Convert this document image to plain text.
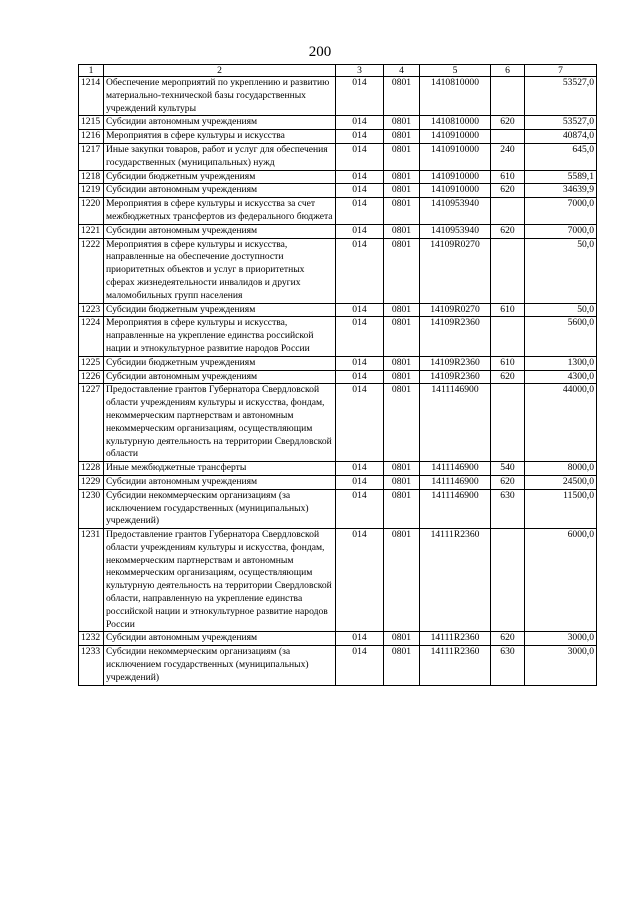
200
1	2	3	4	5	6	7
1214	Обеспечение мероприятий по укреплению и развитию материально-технической базы государственных учреждений культуры	014	0801	1410810000		53527,0
1215	Субсидии автономным учреждениям	014	0801	1410810000	620	53527,0
1216	Мероприятия в сфере культуры и искусства	014	0801	1410910000		40874,0
1217	Иные закупки товаров, работ и услуг для обеспечения государственных (муниципальных) нужд	014	0801	1410910000	240	645,0
1218	Субсидии бюджетным учреждениям	014	0801	1410910000	610	5589,1
1219	Субсидии автономным учреждениям	014	0801	1410910000	620	34639,9
1220	Мероприятия в сфере культуры и искусства за счет межбюджетных трансфертов из федерального бюджета	014	0801	1410953940		7000,0
1221	Субсидии автономным учреждениям	014	0801	1410953940	620	7000,0
1222	Мероприятия в сфере культуры и искусства, направленные на обеспечение доступности приоритетных объектов и услуг в приоритетных сферах жизнедеятельности инвалидов и других маломобильных групп населения	014	0801	14109R0270		50,0
1223	Субсидии бюджетным учреждениям	014	0801	14109R0270	610	50,0
1224	Мероприятия в сфере культуры и искусства, направленные на укрепление единства российской нации и этнокультурное развитие народов России	014	0801	14109R2360		5600,0
1225	Субсидии бюджетным учреждениям	014	0801	14109R2360	610	1300,0
1226	Субсидии автономным учреждениям	014	0801	14109R2360	620	4300,0
1227	Предоставление грантов Губернатора Свердловской области учреждениям культуры и искусства, фондам, некоммерческим партнерствам и автономным некоммерческим организациям, осуществляющим культурную деятельность на территории Свердловской области	014	0801	1411146900		44000,0
1228	Иные межбюджетные трансферты	014	0801	1411146900	540	8000,0
1229	Субсидии автономным учреждениям	014	0801	1411146900	620	24500,0
1230	Субсидии некоммерческим организациям (за исключением государственных (муниципальных) учреждений)	014	0801	1411146900	630	11500,0
1231	Предоставление грантов Губернатора Свердловской области учреждениям культуры и искусства, фондам, некоммерческим партнерствам и автономным некоммерческим организациям, осуществляющим культурную деятельность на территории Свердловской области, направленную на укрепление единства российской нации и этнокультурное развитие народов России	014	0801	14111R2360		6000,0
1232	Субсидии автономным учреждениям	014	0801	14111R2360	620	3000,0
1233	Субсидии некоммерческим организациям (за исключением государственных (муниципальных) учреждений)	014	0801	14111R2360	630	3000,0
